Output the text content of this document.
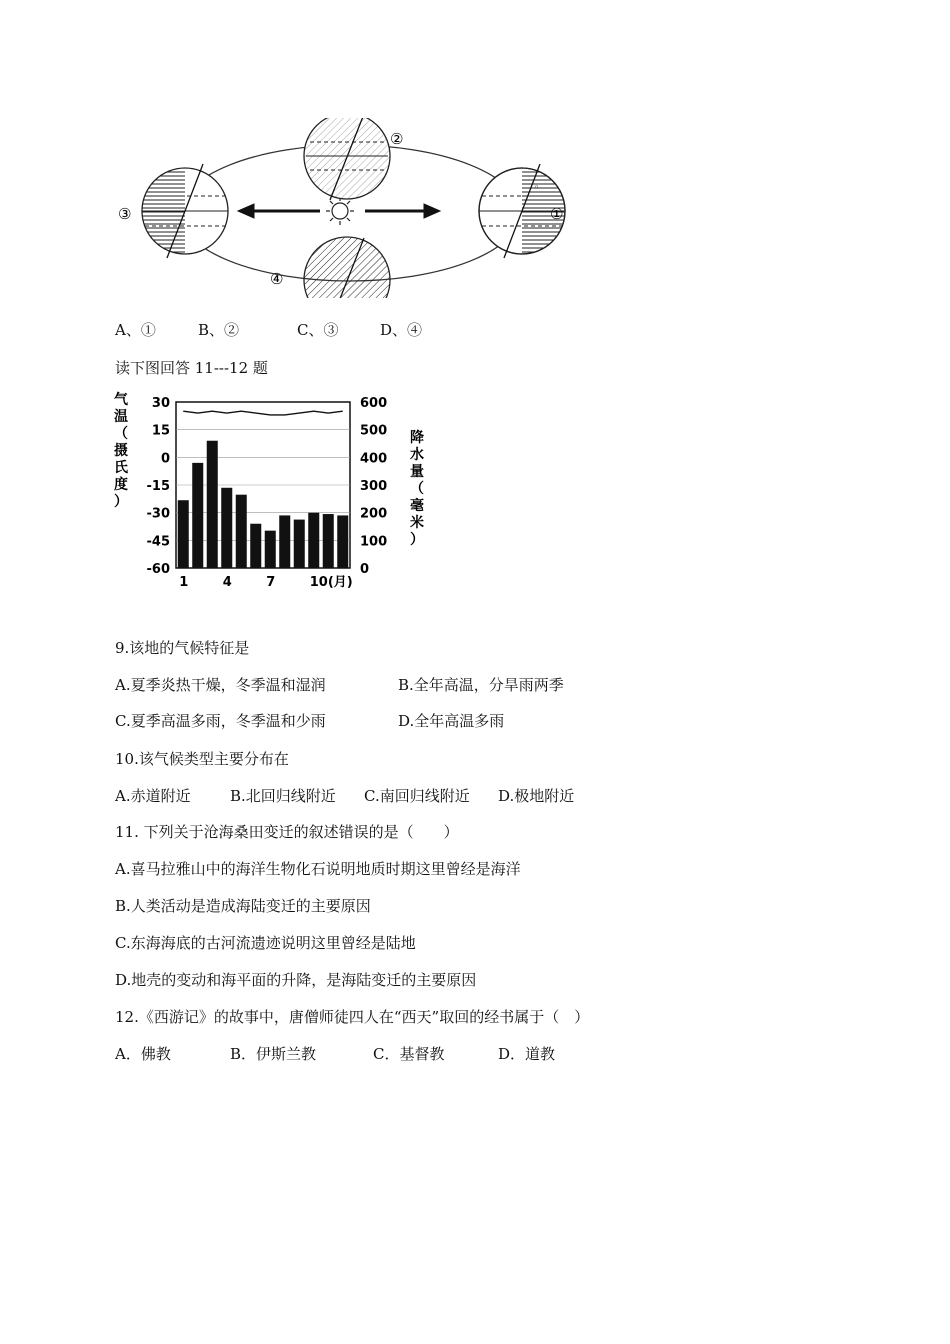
◦
①
③
②
④
A、①	B、②	C、③	D、④
读下图回答 11---12 题
30
15
0
-15
-30
-45
-60
600
500
400
300
200
100
0
1	4	7	10(月)
气温（摄氏度）
降水量（毫米）
9.该地的气候特征是
A.夏季炎热干燥，冬季温和湿润	B.全年高温，分旱雨两季
C.夏季高温多雨，冬季温和少雨	D.全年高温多雨
10.该气候类型主要分布在
A.赤道附近	B.北回归线附近 C.南回归线附近 D.极地附近
11. 下列关于沧海桑田变迁的叙述错误的是（　　）
A.喜马拉雅山中的海洋生物化石说明地质时期这里曾经是海洋
B.人类活动是造成海陆变迁的主要原因
C.东海海底的古河流遗迹说明这里曾经是陆地
D.地壳的变动和海平面的升降，是海陆变迁的主要原因
12.《西游记》的故事中，唐僧师徒四人在“西天”取回的经书属于（　）
A．佛教	B．伊斯兰教	C．基督教	D．道教
